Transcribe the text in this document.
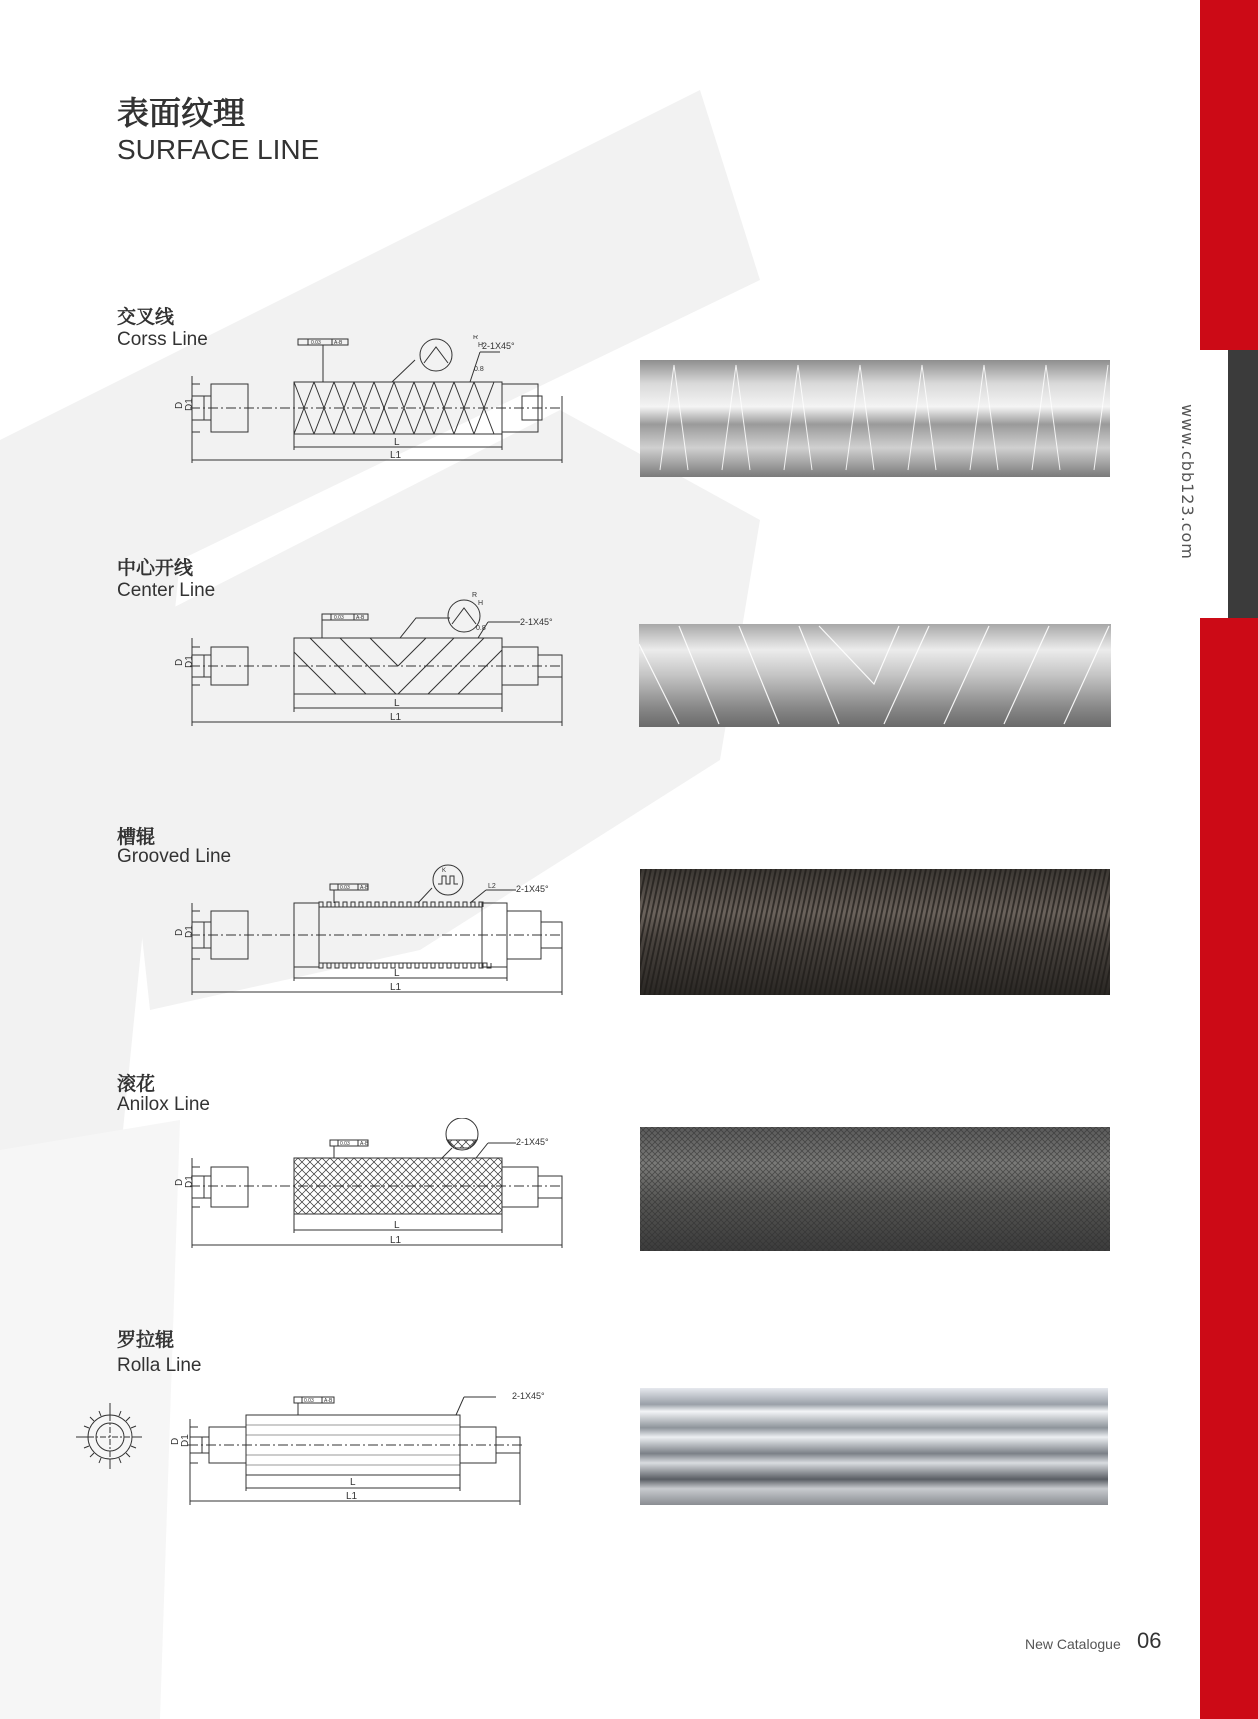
www.cbb123.com
表面纹理
SURFACE LINE
交叉线
Corss Line
中心开线
Center Line
槽辊
Grooved Line
滚花
Anilox Line
罗拉辊
Rolla Line
D D1
L
L1
2-1X45°
0.03	A-B
R
H
0.8
D D1
L
L1
2-1X45°
0.03 A-B
R
H
0.8
D D1
L
L1
2-1X45°
0.03 A-B
K
L2
D D1
L
L1
2-1X45°
0.03 A-B
D D1
L
L1
2-1X45°
0.03 A-B
New Catalogue 06
